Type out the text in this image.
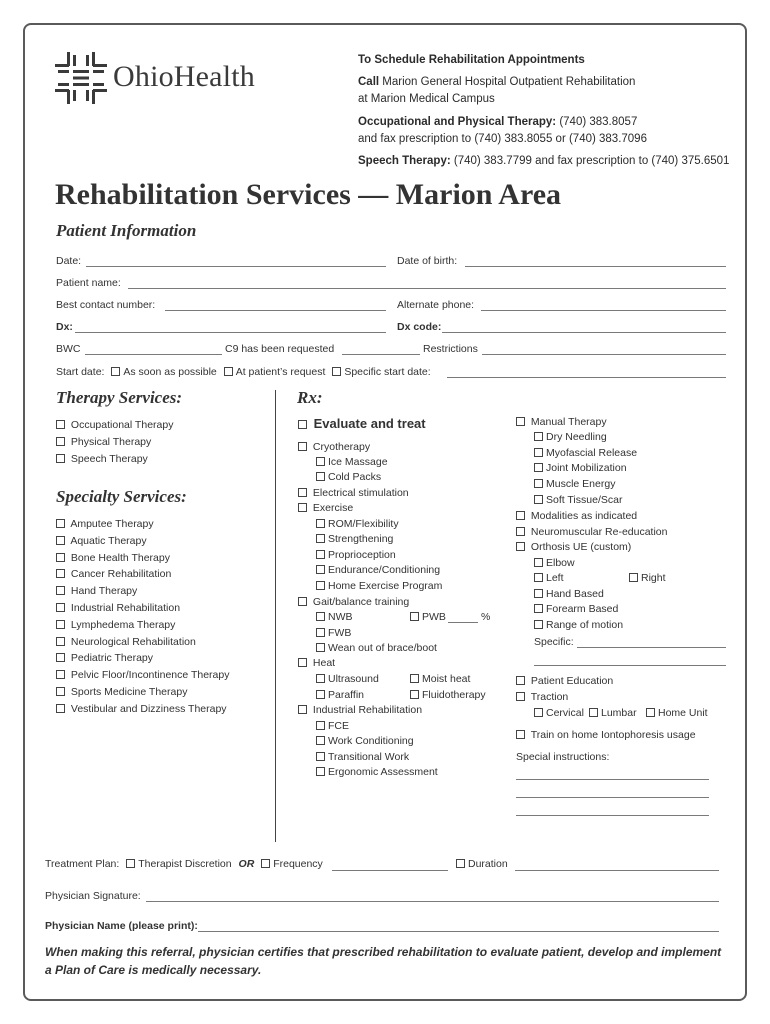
OhioHealth	To Schedule Rehabilitation Appointments
Call Marion General Hospital Outpatient Rehabilitation
at Marion Medical Campus
Occupational and Physical Therapy: (740) 383.8057
and fax prescription to (740) 383.8055 or (740) 383.7096
Speech Therapy: (740) 383.7799 and fax prescription to (740) 375.6501
Rehabilitation Services — Marion Area
Patient Information
Date:	Date of birth:
Patient name:
Best contact number:	Alternate phone:
Dx:	Dx code:
BWC	C9 has been requested	Restrictions
Start date: As soon as possible At patient’s request Specific start date:
Therapy Services:
Occupational Therapy
Physical Therapy
Speech Therapy
Specialty Services:
Amputee Therapy
Aquatic Therapy
Bone Health Therapy
Cancer Rehabilitation
Hand Therapy
Industrial Rehabilitation
Lymphedema Therapy
Neurological Rehabilitation
Pediatric Therapy
Pelvic Floor/Incontinence Therapy
Sports Medicine Therapy
Vestibular and Dizziness Therapy
Rx:
Evaluate and treat
Cryotherapy
Ice Massage
Cold Packs
Electrical stimulation
Exercise
ROM/Flexibility
Strengthening
Proprioception
Endurance/Conditioning
Home Exercise Program
Gait/balance training
NWB	PWB	%
FWB
Wean out of brace/boot
Heat
Ultrasound	Moist heat
Paraffin	Fluidotherapy
Industrial Rehabilitation
FCE
Work Conditioning
Transitional Work
Ergonomic Assessment
Manual Therapy
Dry Needling
Myofascial Release
Joint Mobilization
Muscle Energy
Soft Tissue/Scar
Modalities as indicated
Neuromuscular Re-education
Orthosis UE (custom)
Elbow
Left	Right
Hand Based
Forearm Based
Range of motion
Specific:
Patient Education
Traction
Cervical	Lumbar	Home Unit
Train on home Iontophoresis usage
Special instructions:
Treatment Plan: Therapist Discretion OR Frequency	Duration
Physician Signature:
Physician Name (please print):
When making this referral, physician certifies that prescribed rehabilitation to evaluate patient, develop and implement a Plan of Care is medically necessary.
